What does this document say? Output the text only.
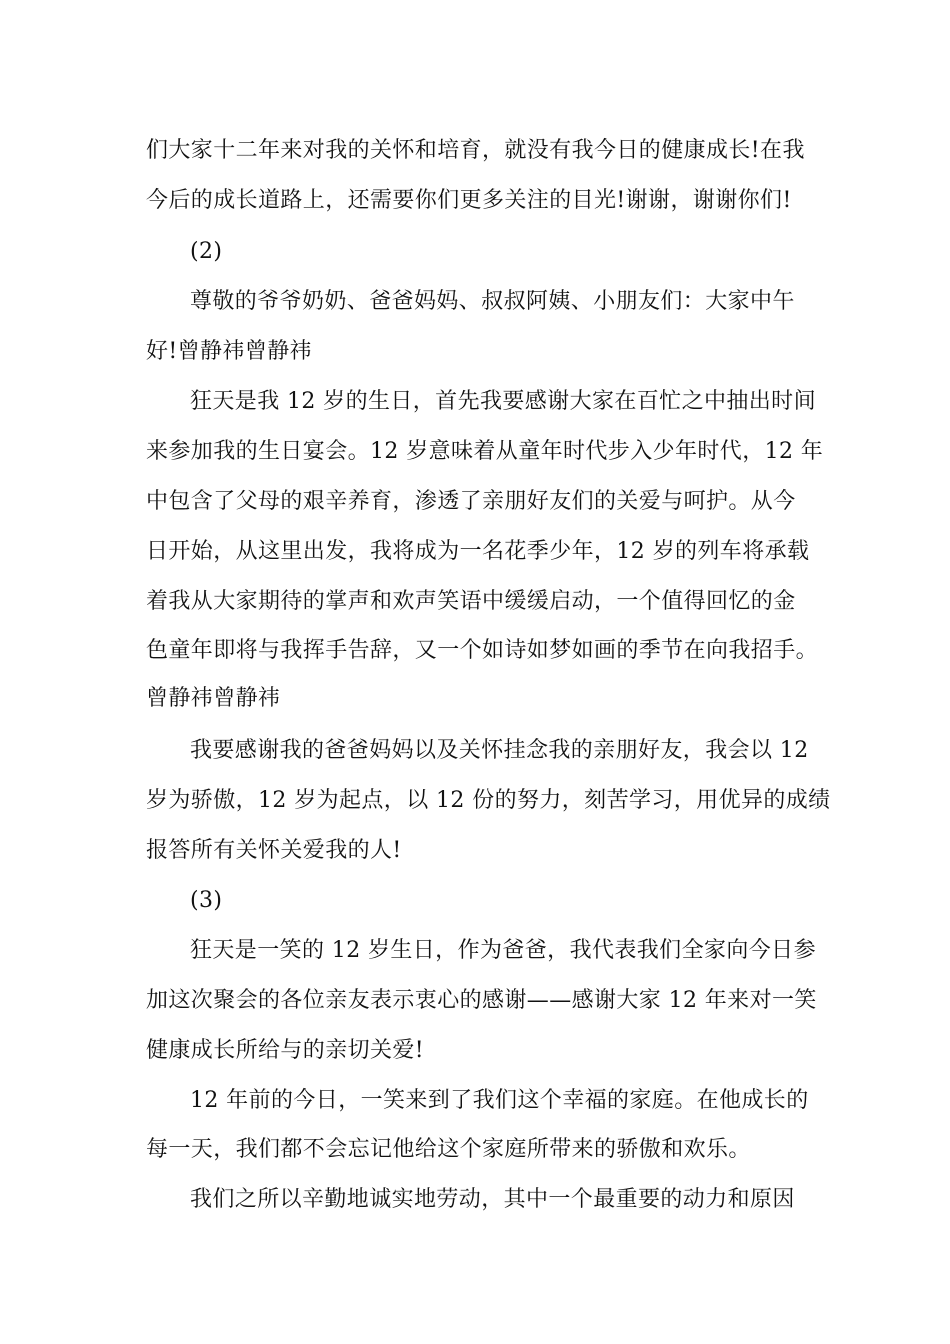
们大家十二年来对我的关怀和培育，就没有我今日的健康成长!在我
今后的成长道路上，还需要你们更多关注的目光!谢谢，谢谢你们!
(2)
尊敬的爷爷奶奶、爸爸妈妈、叔叔阿姨、小朋友们：大家中午
好!曾静祎曾静祎
狂天是我 12 岁的生日，首先我要感谢大家在百忙之中抽出时间
来参加我的生日宴会。12 岁意味着从童年时代步入少年时代，12 年
中包含了父母的艰辛养育，渗透了亲朋好友们的关爱与呵护。从今
日开始，从这里出发，我将成为一名花季少年，12 岁的列车将承载
着我从大家期待的掌声和欢声笑语中缓缓启动，一个值得回忆的金
色童年即将与我挥手告辞，又一个如诗如梦如画的季节在向我招手。
曾静祎曾静祎
我要感谢我的爸爸妈妈以及关怀挂念我的亲朋好友，我会以 12
岁为骄傲，12 岁为起点，以 12 份的努力，刻苦学习，用优异的成绩
报答所有关怀关爱我的人!
(3)
狂天是一笑的 12 岁生日，作为爸爸，我代表我们全家向今日参
加这次聚会的各位亲友表示衷心的感谢——感谢大家 12 年来对一笑
健康成长所给与的亲切关爱!
12 年前的今日，一笑来到了我们这个幸福的家庭。在他成长的
每一天，我们都不会忘记他给这个家庭所带来的骄傲和欢乐。
我们之所以辛勤地诚实地劳动，其中一个最重要的动力和原因
